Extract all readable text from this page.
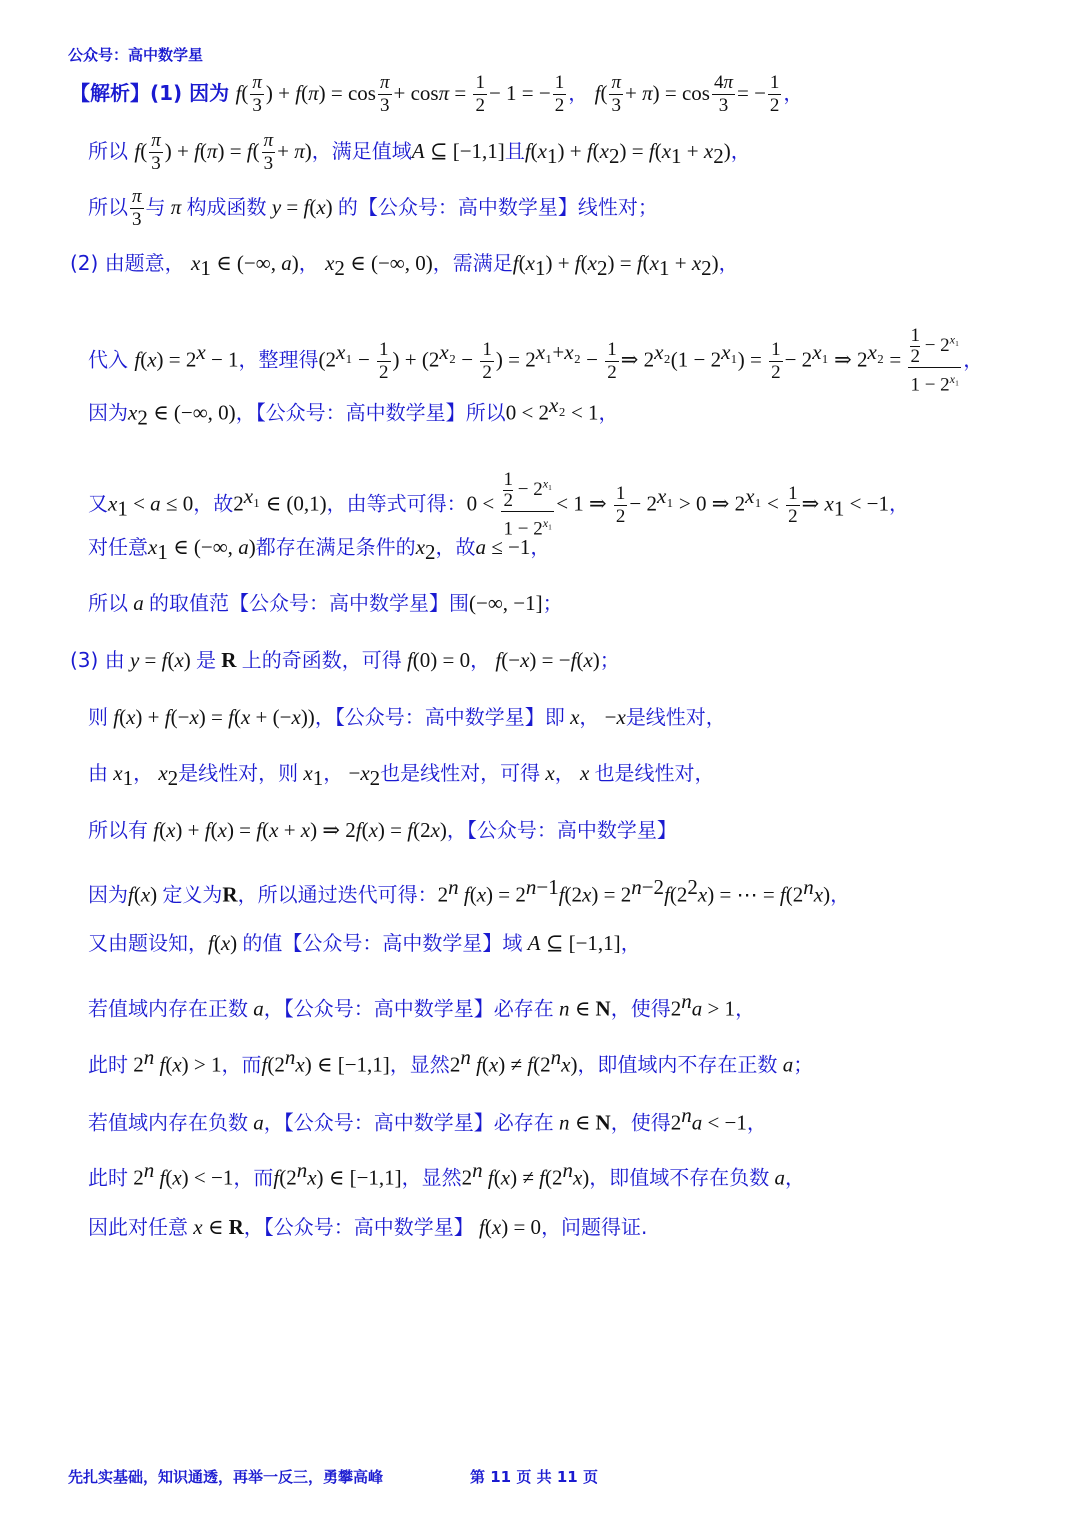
公众号：高中数学星
【解析】(1) 因为 $f( \frac{\pi}{3}$ ) + $f(\pi) = \cos \frac{\pi}{3} + \cos\pi = \frac{1}{2} - 1$ = − $\frac{1}{2}$ ， $f( \frac{\pi}{3} + \pi) = \cos \frac{4\pi}{3}$ = − $\frac{1}{2}$ ，
所以 $f( \frac{\pi}{3}$ ) + $f(\pi) = f( \frac{\pi}{3} + \pi)$，满足值域A ⊆ [−1,1]且$f(x_1) + f(x_2) = f(x_1 + x_2)$，
所以 $\frac{\pi}{3}$ 与 π 构成函数 y = f(x) 的【公众号：高中数学星】线性对；
(2) 由题意， $x_1$ ∈ (−∞, a)， $x_2$ ∈ (−∞, 0)，需满足$f(x_1) + f(x_2) = f(x_1 + x_2)$，
代入 $f(x) = 2^x - 1$，整理得($2^{x_1} - \frac{1}{2}$ ) + ($2^{x_2} - \frac{1}{2}$ ) = $2^{x_1+x_2} - \frac{1}{2}$ ⇒ $2^{x_2}(1 - 2^{x_1}) = \frac{1}{2} - 2^{x_1}$ ⇒ $2^{x_2} = \frac{\frac{1}{2} - 2^{x_1}}{1 - 2^{x_1}}$ ，
因为$x_2$ ∈ (−∞, 0)，【公众号：高中数学星】所以$0 < 2^{x_2} < 1$，
又$x_1 < a \le 0$，故$2^{x_1}$ ∈ (0,1)，由等式可得：$0 < \frac{\frac{1}{2} - 2^{x_1}}{1 - 2^{x_1}} < 1$ ⇒ $\frac{1}{2} - 2^{x_1} > 0$ ⇒ $2^{x_1} < \frac{1}{2}$ ⇒ $x_1 < -1$，
对任意$x_1$ ∈ (−∞, a)都存在满足条件的$x_2$，故a ≤ −1，
所以 a 的取值范【公众号：高中数学星】围(−∞, −1]；
(3) 由 y = f(x) 是 R 上的奇函数，可得 f(0) = 0， f(−x) = −f(x)；
则 f(x) + f(−x) = f(x + (−x))，【公众号：高中数学星】即 x， −x是线性对，
由 $x_1$， $x_2$是线性对，则 $x_1$， $-x_2$也是线性对，可得 x， x 也是线性对，
所以有 f(x) + f(x) = f(x + x) ⇒ 2f(x) = f(2x)，【公众号：高中数学星】
因为f(x) 定义为R，所以通过迭代可得：2$^n$ $f(x) = 2^{n-1}f(2x) = 2^{n-2}f(2^2x)$ = ⋯ = $f(2^nx)$，
又由题设知，f(x) 的值【公众号：高中数学星】域 A ⊆ [−1,1]，
若值域内存在正数 a，【公众号：高中数学星】必存在 n ∈ N，使得$2^na > 1$，
此时 2$^n$ f(x) > 1，而f(2$^n$x) ∈ [−1,1]，显然2$^n$ $f(x) \ne f(2^nx)$，即值域内不存在正数 a；
若值域内存在负数 a，【公众号：高中数学星】必存在 n ∈ N，使得$2^na < -1$，
此时 2$^n$ f(x) < −1，而f(2$^n$x) ∈ [−1,1]，显然2$^n$ $f(x) \ne f(2^nx)$，即值域不存在负数 a，
因此对任意 x ∈ R，【公众号：高中数学星】 f(x) = 0，问题得证.
先扎实基础，知识通透，再举一反三，勇攀高峰	第 11 页 共 11 页
